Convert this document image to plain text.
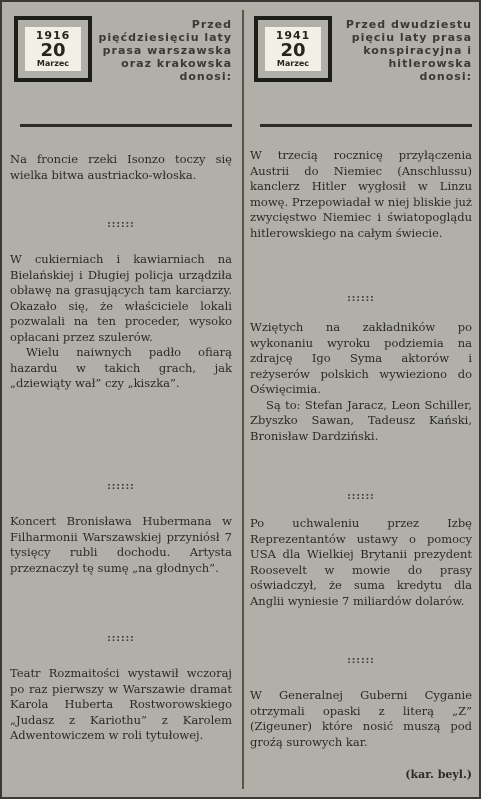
1916
20
Marzec
Przed pięćdziesięciu laty prasa warszawska oraz krakowska donosi:

Na froncie rzeki Isonzo toczy się wielka bitwa austriacko-włoska.

::::::

W cukierniach i kawiarniach na Bielańskiej i Długiej policja urządziła obławę na grasujących tam karciarzy. Okazało się, że właściciele lokali pozwalali na ten proceder, wysoko opłacani przez szulerów.

Wielu naiwnych padło ofiarą hazardu w takich grach, jak „dziewiąty wał” czy „kiszka”.

::::::

Koncert Bronisława Hubermana w Filharmonii Warszawskiej przyniósł 7 tysięcy rubli dochodu. Artysta przeznaczył tę sumę „na głodnych”.

::::::

Teatr Rozmaitości wystawił wczoraj po raz pierwszy w Warszawie dramat Karola Huberta Rostworowskiego „Judasz z Kariothu” z Karolem Adwentowiczem w roli tytułowej.

1941
20
Marzec
Przed dwudziestu pięciu laty prasa konspiracyjna i hitlerowska donosi:

W trzecią rocznicę przyłączenia Austrii do Niemiec (Anschlussu) kanclerz Hitler wygłosił w Linzu mowę. Przepowiadał w niej bliskie już zwycięstwo Niemiec i światopoglądu hitlerowskiego na całym świecie.

::::::

Wziętych na zakładników po wykonaniu wyroku podziemia na zdrajcę Igo Syma aktorów i reżyserów polskich wywieziono do Oświęcimia.

Są to: Stefan Jaracz, Leon Schiller, Zbyszko Sawan, Tadeusz Kański, Bronisław Dardziński.

::::::

Po uchwaleniu przez Izbę Reprezentantów ustawy o pomocy USA dla Wielkiej Brytanii prezydent Roosevelt w mowie do prasy oświadczył, że suma kredytu dla Anglii wyniesie 7 miliardów dolarów.

::::::

W Generalnej Guberni Cyganie otrzymali opaski z literą „Z” (Zigeuner) które nosić muszą pod groźą surowych kar.

(kar. beyl.)
